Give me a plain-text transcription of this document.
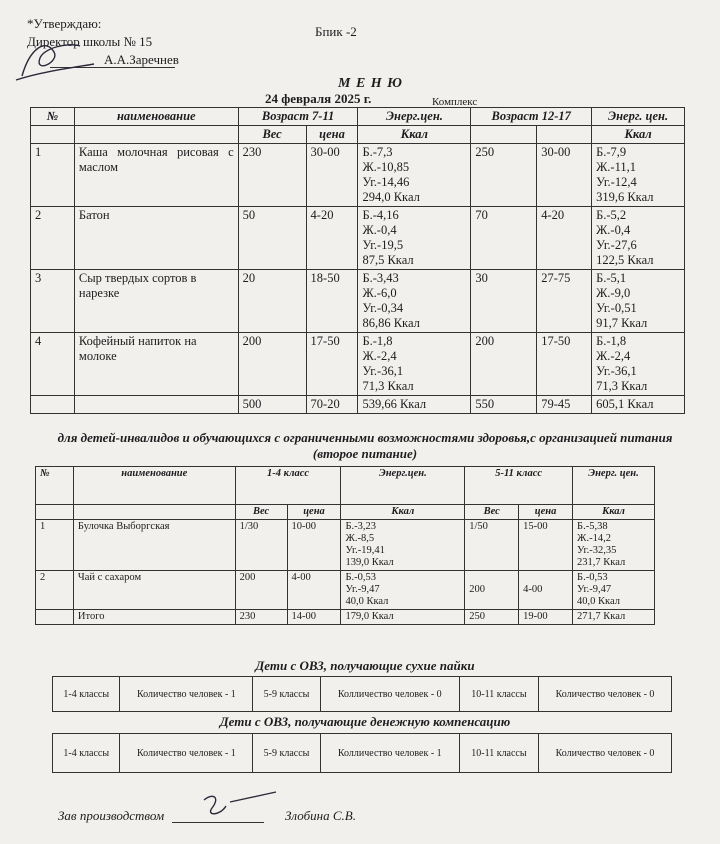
*Утверждаю:
Директор школы № 15
А.А.Заречнев
Бпик -2
М Е Н Ю
24 февраля 2025 г.	Комплекс
№	наименование	Возраст 7-11		Энерг.цен.	Возраст 12-17		Энерг. цен.
		Вес	цена	Ккал			Ккал
1	Каша молочная рисовая с маслом	230	30-00	Б.-7,3
Ж.-10,85
Уг.-14,46
294,0 Ккал	250	30-00	Б.-7,9
Ж.-11,1
Уг.-12,4
319,6 Ккал
2	Батон	50	4-20	Б.-4,16
Ж.-0,4
Уг.-19,5
87,5 Ккал	70	4-20	Б.-5,2
Ж.-0,4
Уг.-27,6
122,5 Ккал
3	Сыр твердых сортов в нарезке	20	18-50	Б.-3,43
Ж.-6,0
Уг.-0,34
86,86 Ккал	30	27-75	Б.-5,1
Ж.-9,0
Уг.-0,51
91,7 Ккал
4	Кофейный напиток на молоке	200	17-50	Б.-1,8
Ж.-2,4
Уг.-36,1
71,3 Ккал	200	17-50	Б.-1,8
Ж.-2,4
Уг.-36,1
71,3 Ккал
		500	70-20	539,66 Ккал	550	79-45	605,1 Ккал
для детей-инвалидов и обучающихся с ограниченными возможностями здоровья,с организацией питания (второе питание)
№	наименование	1-4 класс		Энерг.цен.	5-11 класс		Энерг. цен.
		Вес	цена	Ккал	Вес	цена	Ккал
1	Булочка Выборгская	1/30	10-00	Б.-3,23
Ж.-8,5
Уг.-19,41
139,0 Ккал	1/50	15-00	Б.-5,38
Ж.-14,2
Уг.-32,35
231,7 Ккал
2	Чай с сахаром	200	4-00	Б.-0,53
Уг.-9,47
40,0 Ккал	200	4-00	Б.-0,53
Уг.-9,47
40,0 Ккал
	Итого	230	14-00	179,0 Ккал	250	19-00	271,7 Ккал
Дети с ОВЗ, получающие сухие пайки
1-4 классы	Количество человек - 1	5-9 классы	Колличество человек - 0	10-11 классы	Количество человек - 0
Дети с ОВЗ, получающие денежную компенсацию
1-4 классы	Количество человек - 1	5-9 классы	Колличество человек - 1	10-11 классы	Количество человек - 0
Зав производством	Злобина С.В.
